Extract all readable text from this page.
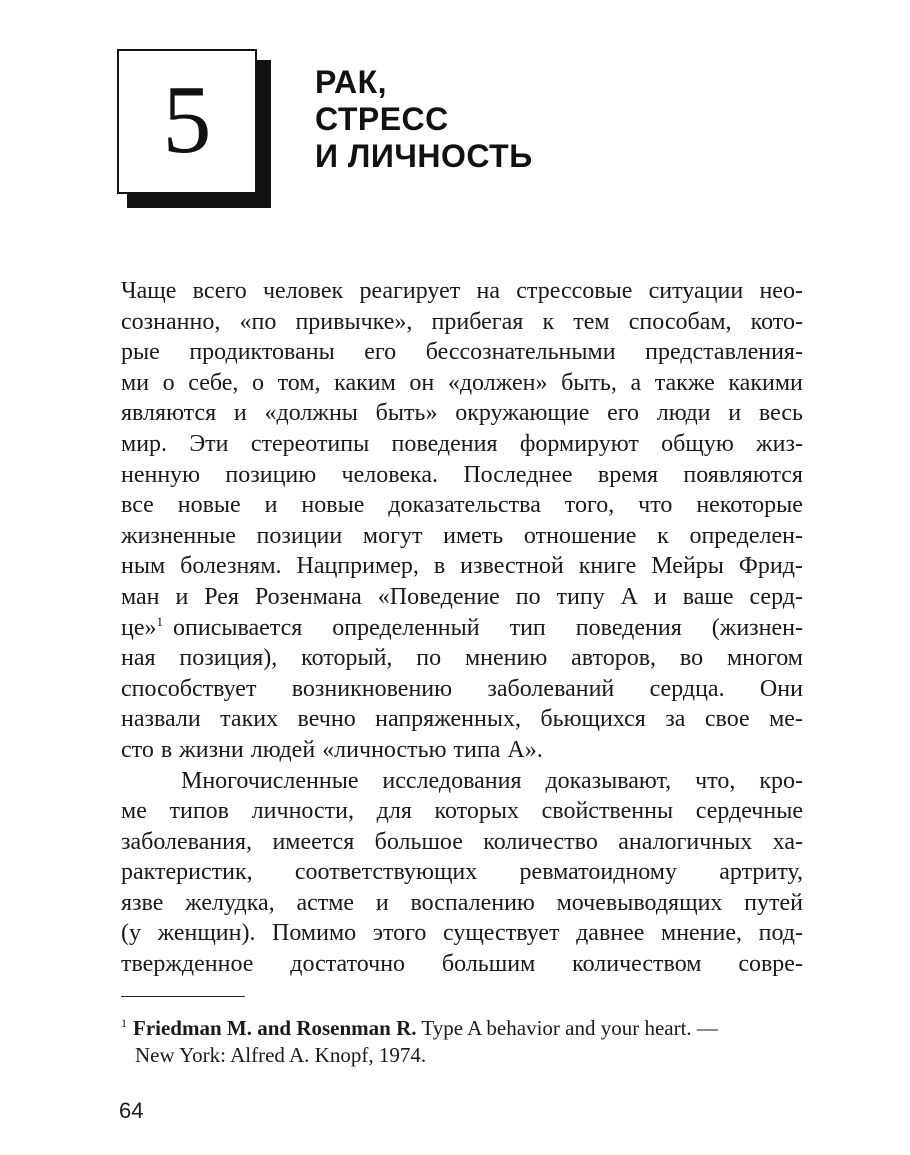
5	РАК,
СТРЕСС
И ЛИЧНОСТЬ
Чаще всего человек реагирует на стрессовые ситуации нео-
сознанно, «по привычке», прибегая к тем способам, кото-
рые продиктованы его бессознательными представления-
ми о себе, о том, каким он «должен» быть, а также какими
являются и «должны быть» окружающие его люди и весь
мир. Эти стереотипы поведения формируют общую жиз-
ненную позицию человека. Последнее время появляются
все новые и новые доказательства того, что некоторые
жизненные позиции могут иметь отношение к определен-
ным болезням. Нацпример, в известной книге Мейры Фрид-
ман и Рея Розенмана «Поведение по типу А и ваше серд-
це»$^1$ описывается определенный тип поведения (жизнен-
ная позиция), который, по мнению авторов, во многом
способствует возникновению заболеваний сердца. Они
назвали таких вечно напряженных, бьющихся за свое ме-
сто в жизни людей «личностью типа А».
Многочисленные исследования доказывают, что, кро-
ме типов личности, для которых свойственны сердечные
заболевания, имеется большое количество аналогичных ха-
рактеристик, соответствующих ревматоидному артриту,
язве желудка, астме и воспалению мочевыводящих путей
(у женщин). Помимо этого существует давнее мнение, под-
твержденное достаточно большим количеством совре-
$^1$ Friedman M. and Rosenman R. Type A behavior and your heart. —
New York: Alfred A. Knopf, 1974.
64
